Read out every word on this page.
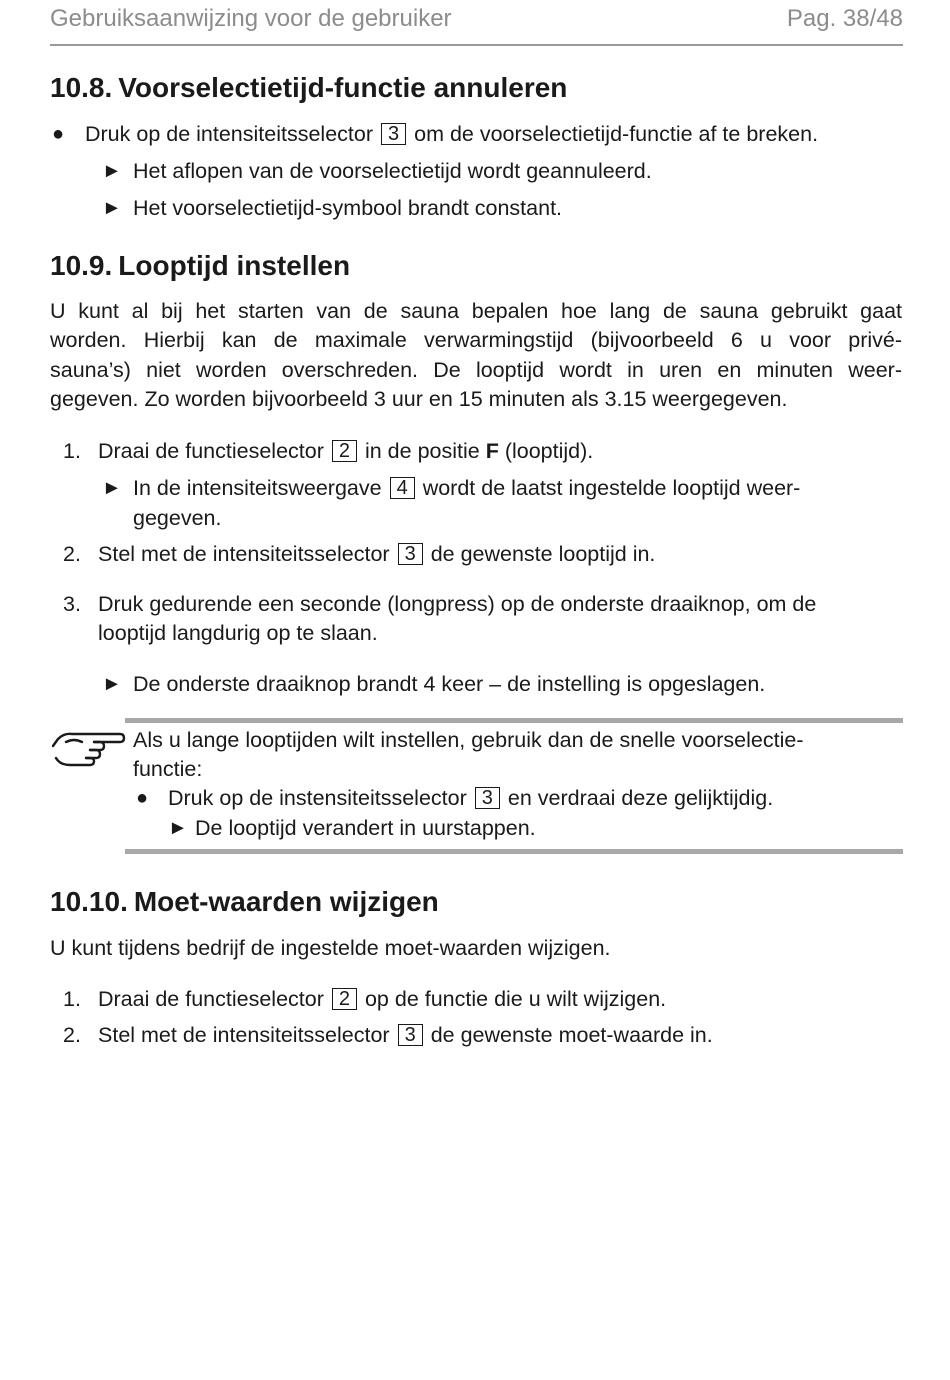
Gebruiksaanwijzing voor de gebruiker	Pag. 38/48
10.8. Voorselectietijd-functie annuleren
● Druk op de intensiteitsselector 3 om de voorselectietijd-functie af te breken.
► Het aflopen van de voorselectietijd wordt geannuleerd.
► Het voorselectietijd-symbool brandt constant.
10.9. Looptijd instellen
U kunt al bij het starten van de sauna bepalen hoe lang de sauna gebruikt gaat
worden. Hierbij kan de maximale verwarmingstijd (bijvoorbeeld 6 u voor privé-
sauna’s) niet worden overschreden. De looptijd wordt in uren en minuten weer-
gegeven. Zo worden bijvoorbeeld 3 uur en 15 minuten als 3.15 weergegeven.
1. Draai de functieselector 2 in de positie F (looptijd).
► In de intensiteitsweergave 4 wordt de laatst ingestelde looptijd weer-
gegeven.
2. Stel met de intensiteitsselector 3 de gewenste looptijd in.
3. Druk gedurende een seconde (longpress) op de onderste draaiknop, om de
looptijd langdurig op te slaan.
► De onderste draaiknop brandt 4 keer – de instelling is opgeslagen.
Als u lange looptijden wilt instellen, gebruik dan de snelle voorselectie-
functie:
● Druk op de instensiteitsselector 3 en verdraai deze gelijktijdig.
► De looptijd verandert in uurstappen.
10.10. Moet-waarden wijzigen
U kunt tijdens bedrijf de ingestelde moet-waarden wijzigen.
1. Draai de functieselector 2 op de functie die u wilt wijzigen.
2. Stel met de intensiteitsselector 3 de gewenste moet-waarde in.
